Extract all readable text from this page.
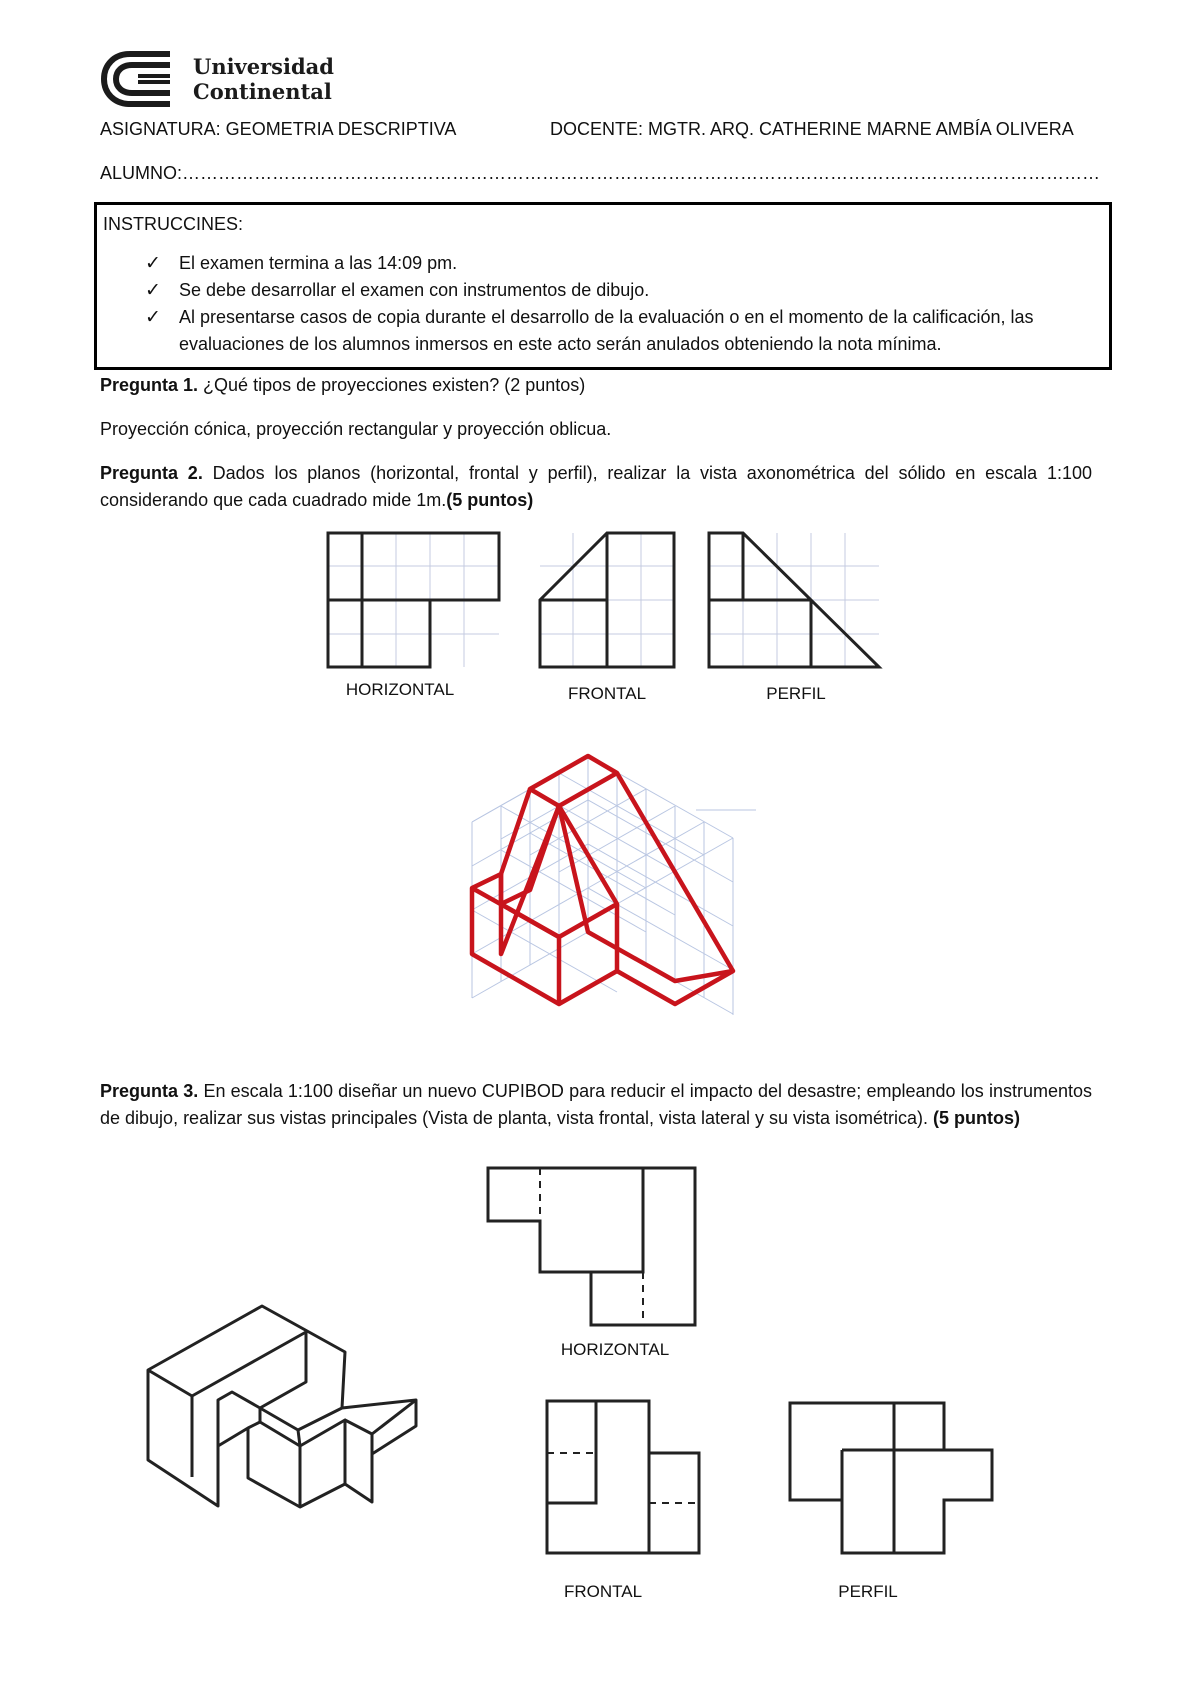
Universidad
Continental
ASIGNATURA: GEOMETRIA DESCRIPTIVA	DOCENTE: MGTR. ARQ. CATHERINE MARNE AMBÍA OLIVERA
ALUMNO:………………………………………………………………………………………………………………………………………
INSTRUCCINES:
✓ El examen termina a las 14:09 pm.
✓ Se debe desarrollar el examen con instrumentos de dibujo.
✓ Al presentarse casos de copia durante el desarrollo de la evaluación o en el momento de la calificación, las evaluaciones de los alumnos inmersos en este acto serán anulados obteniendo la nota mínima.

Pregunta 1. ¿Qué tipos de proyecciones existen? (2 puntos)

Proyección cónica, proyección rectangular y proyección oblicua.

Pregunta 2. Dados los planos (horizontal, frontal y perfil), realizar la vista axonométrica del sólido en escala 1:100 considerando que cada cuadrado mide 1m.(5 puntos)

HORIZONTAL	FRONTAL	PERFIL

Pregunta 3. En escala 1:100 diseñar un nuevo CUPIBOD para reducir el impacto del desastre; empleando los instrumentos de dibujo, realizar sus vistas principales (Vista de planta, vista frontal, vista lateral y su vista isométrica). (5 puntos)

HORIZONTAL
FRONTAL	PERFIL
